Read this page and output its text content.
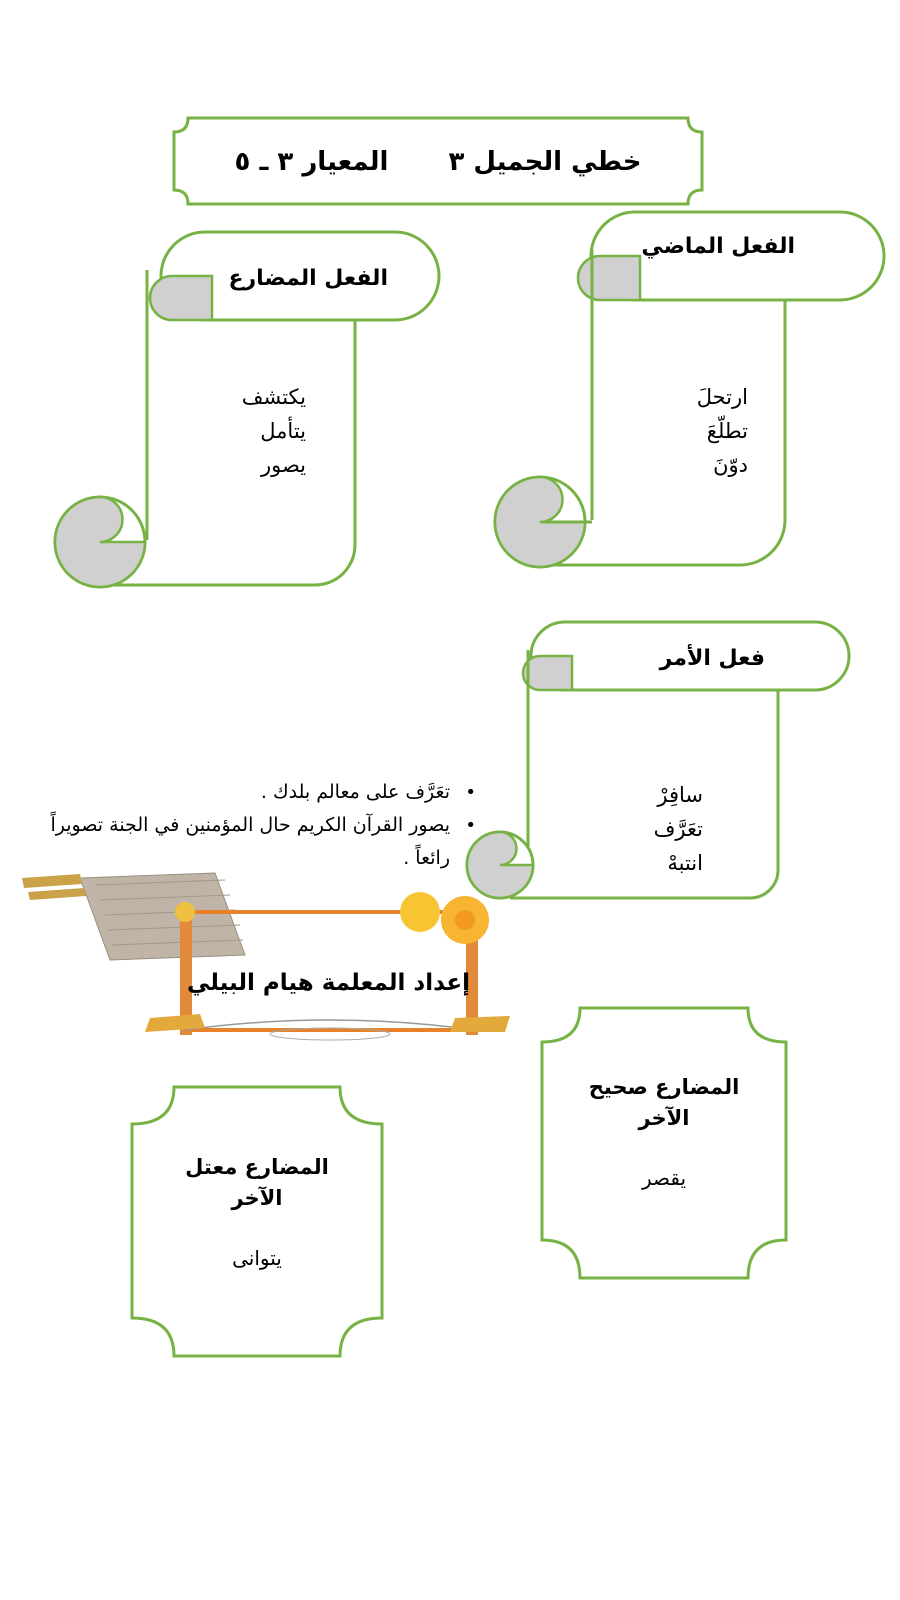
خطي الجميل ٣
المعيار ٣ ـ ٥
الفعل الماضي
ارتحلَ
تطلّعَ
دوّنَ
الفعل المضارع
يكتشف
يتأمل
يصور
فعل الأمر
سافِرْ
تعَرَّف
انتبهْ
•
تعَرَّف على معالم بلدك .
•
يصور القرآن الكريم حال المؤمنين في الجنة تصويراً رائعاً .
إعداد المعلمة هيام البيلي
المضارع صحيح
الآخر
يقصر
المضارع معتل
الآخر
يتوانى
